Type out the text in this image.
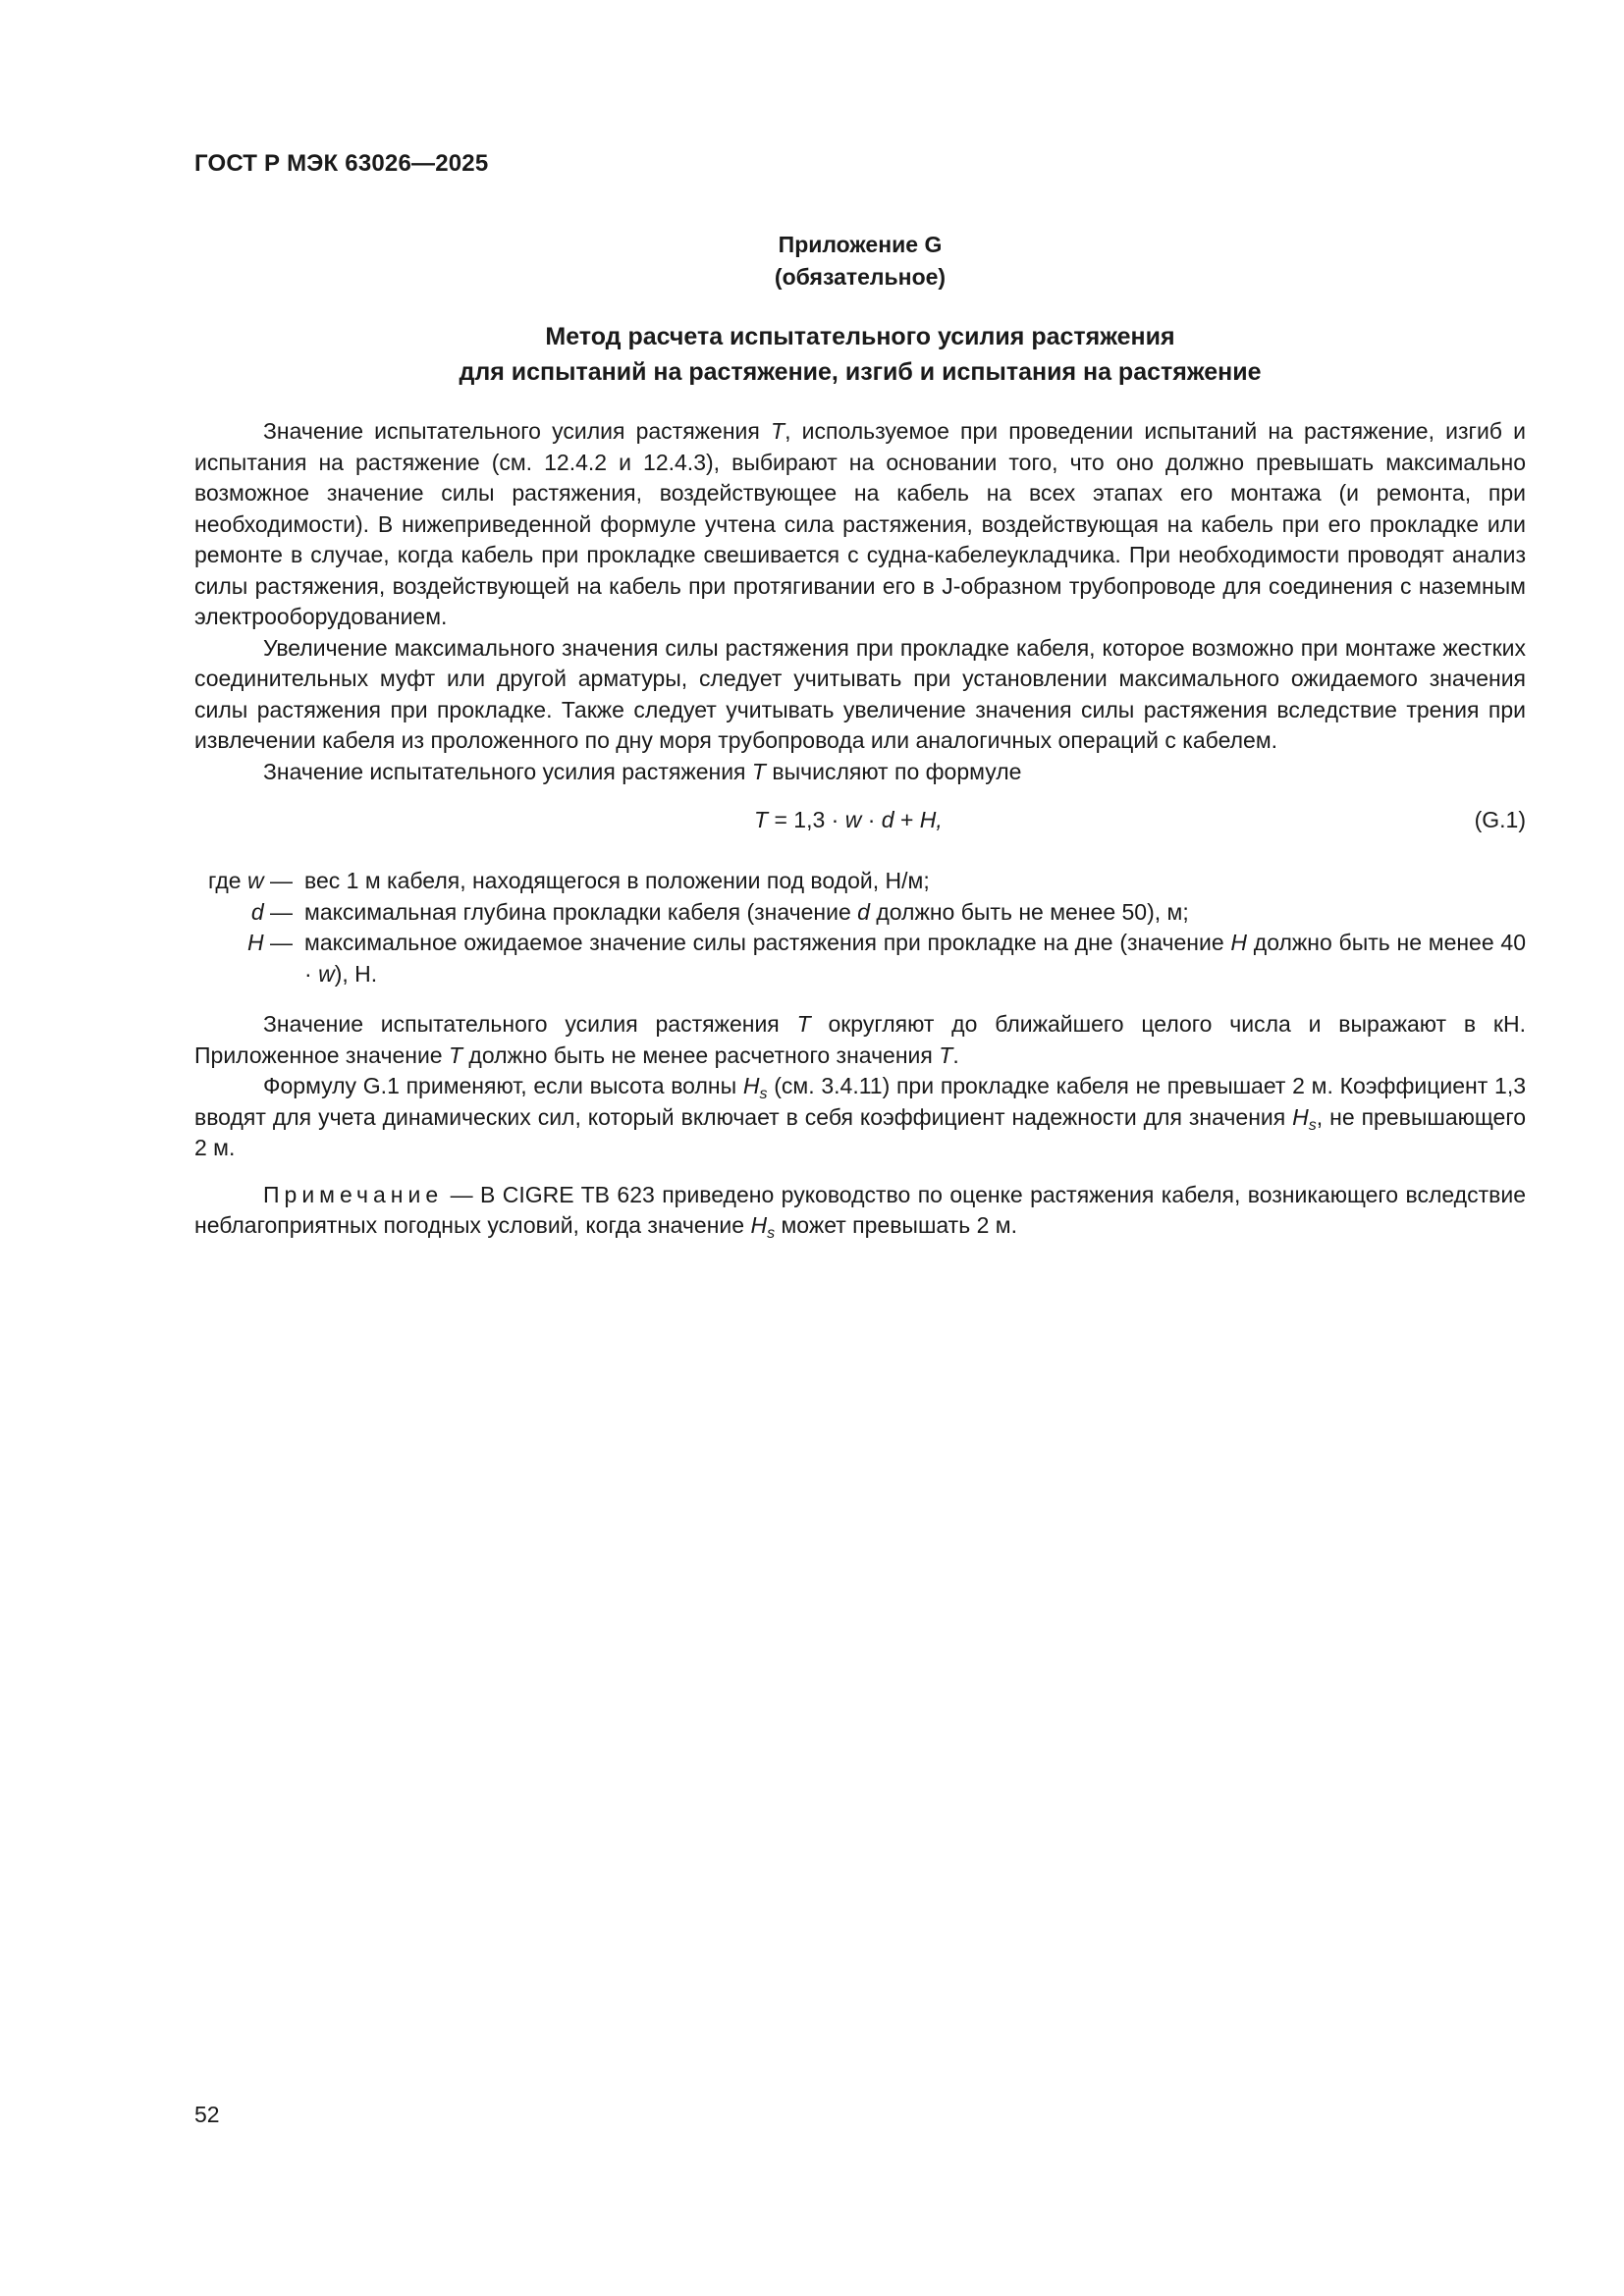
ГОСТ Р МЭК 63026—2025
Приложение G
(обязательное)
Метод расчета испытательного усилия растяжения
для испытаний на растяжение, изгиб и испытания на растяжение

Значение испытательного усилия растяжения T, используемое при проведении испытаний на растяжение, изгиб и испытания на растяжение (см. 12.4.2 и 12.4.3), выбирают на основании того, что оно должно превышать максимально возможное значение силы растяжения, воздействующее на кабель на всех этапах его монтажа (и ремонта, при необходимости). В нижеприведенной формуле учтена сила растяжения, воздействующая на кабель при его прокладке или ремонте в случае, когда кабель при прокладке свешивается с судна-кабелеукладчика. При необходимости проводят анализ силы растяжения, воздействующей на кабель при протягивании его в J-образном трубопроводе для соединения с наземным электрооборудованием.

Увеличение максимального значения силы растяжения при прокладке кабеля, которое возможно при монтаже жестких соединительных муфт или другой арматуры, следует учитывать при установлении максимального ожидаемого значения силы растяжения при прокладке. Также следует учитывать увеличение значения силы растяжения вследствие трения при извлечении кабеля из проложенного по дну моря трубопровода или аналогичных операций с кабелем.

Значение испытательного усилия растяжения T вычисляют по формуле

T = 1,3 · w · d + H,	(G.1)
где w — вес 1 м кабеля, находящегося в положении под водой, Н/м;
d — максимальная глубина прокладки кабеля (значение d должно быть не менее 50), м;
H — максимальное ожидаемое значение силы растяжения при прокладке на дне (значение H должно быть не менее 40 · w), Н.

Значение испытательного усилия растяжения T округляют до ближайшего целого числа и выражают в кН. Приложенное значение T должно быть не менее расчетного значения T.

Формулу G.1 применяют, если высота волны $H_s$ (см. 3.4.11) при прокладке кабеля не превышает 2 м. Коэффициент 1,3 вводят для учета динамических сил, который включает в себя коэффициент надежности для значения $H_s$, не превышающего 2 м.

Примечание — В CIGRE TB 623 приведено руководство по оценке растяжения кабеля, возникающего вследствие неблагоприятных погодных условий, когда значение $H_s$ может превышать 2 м.

52
